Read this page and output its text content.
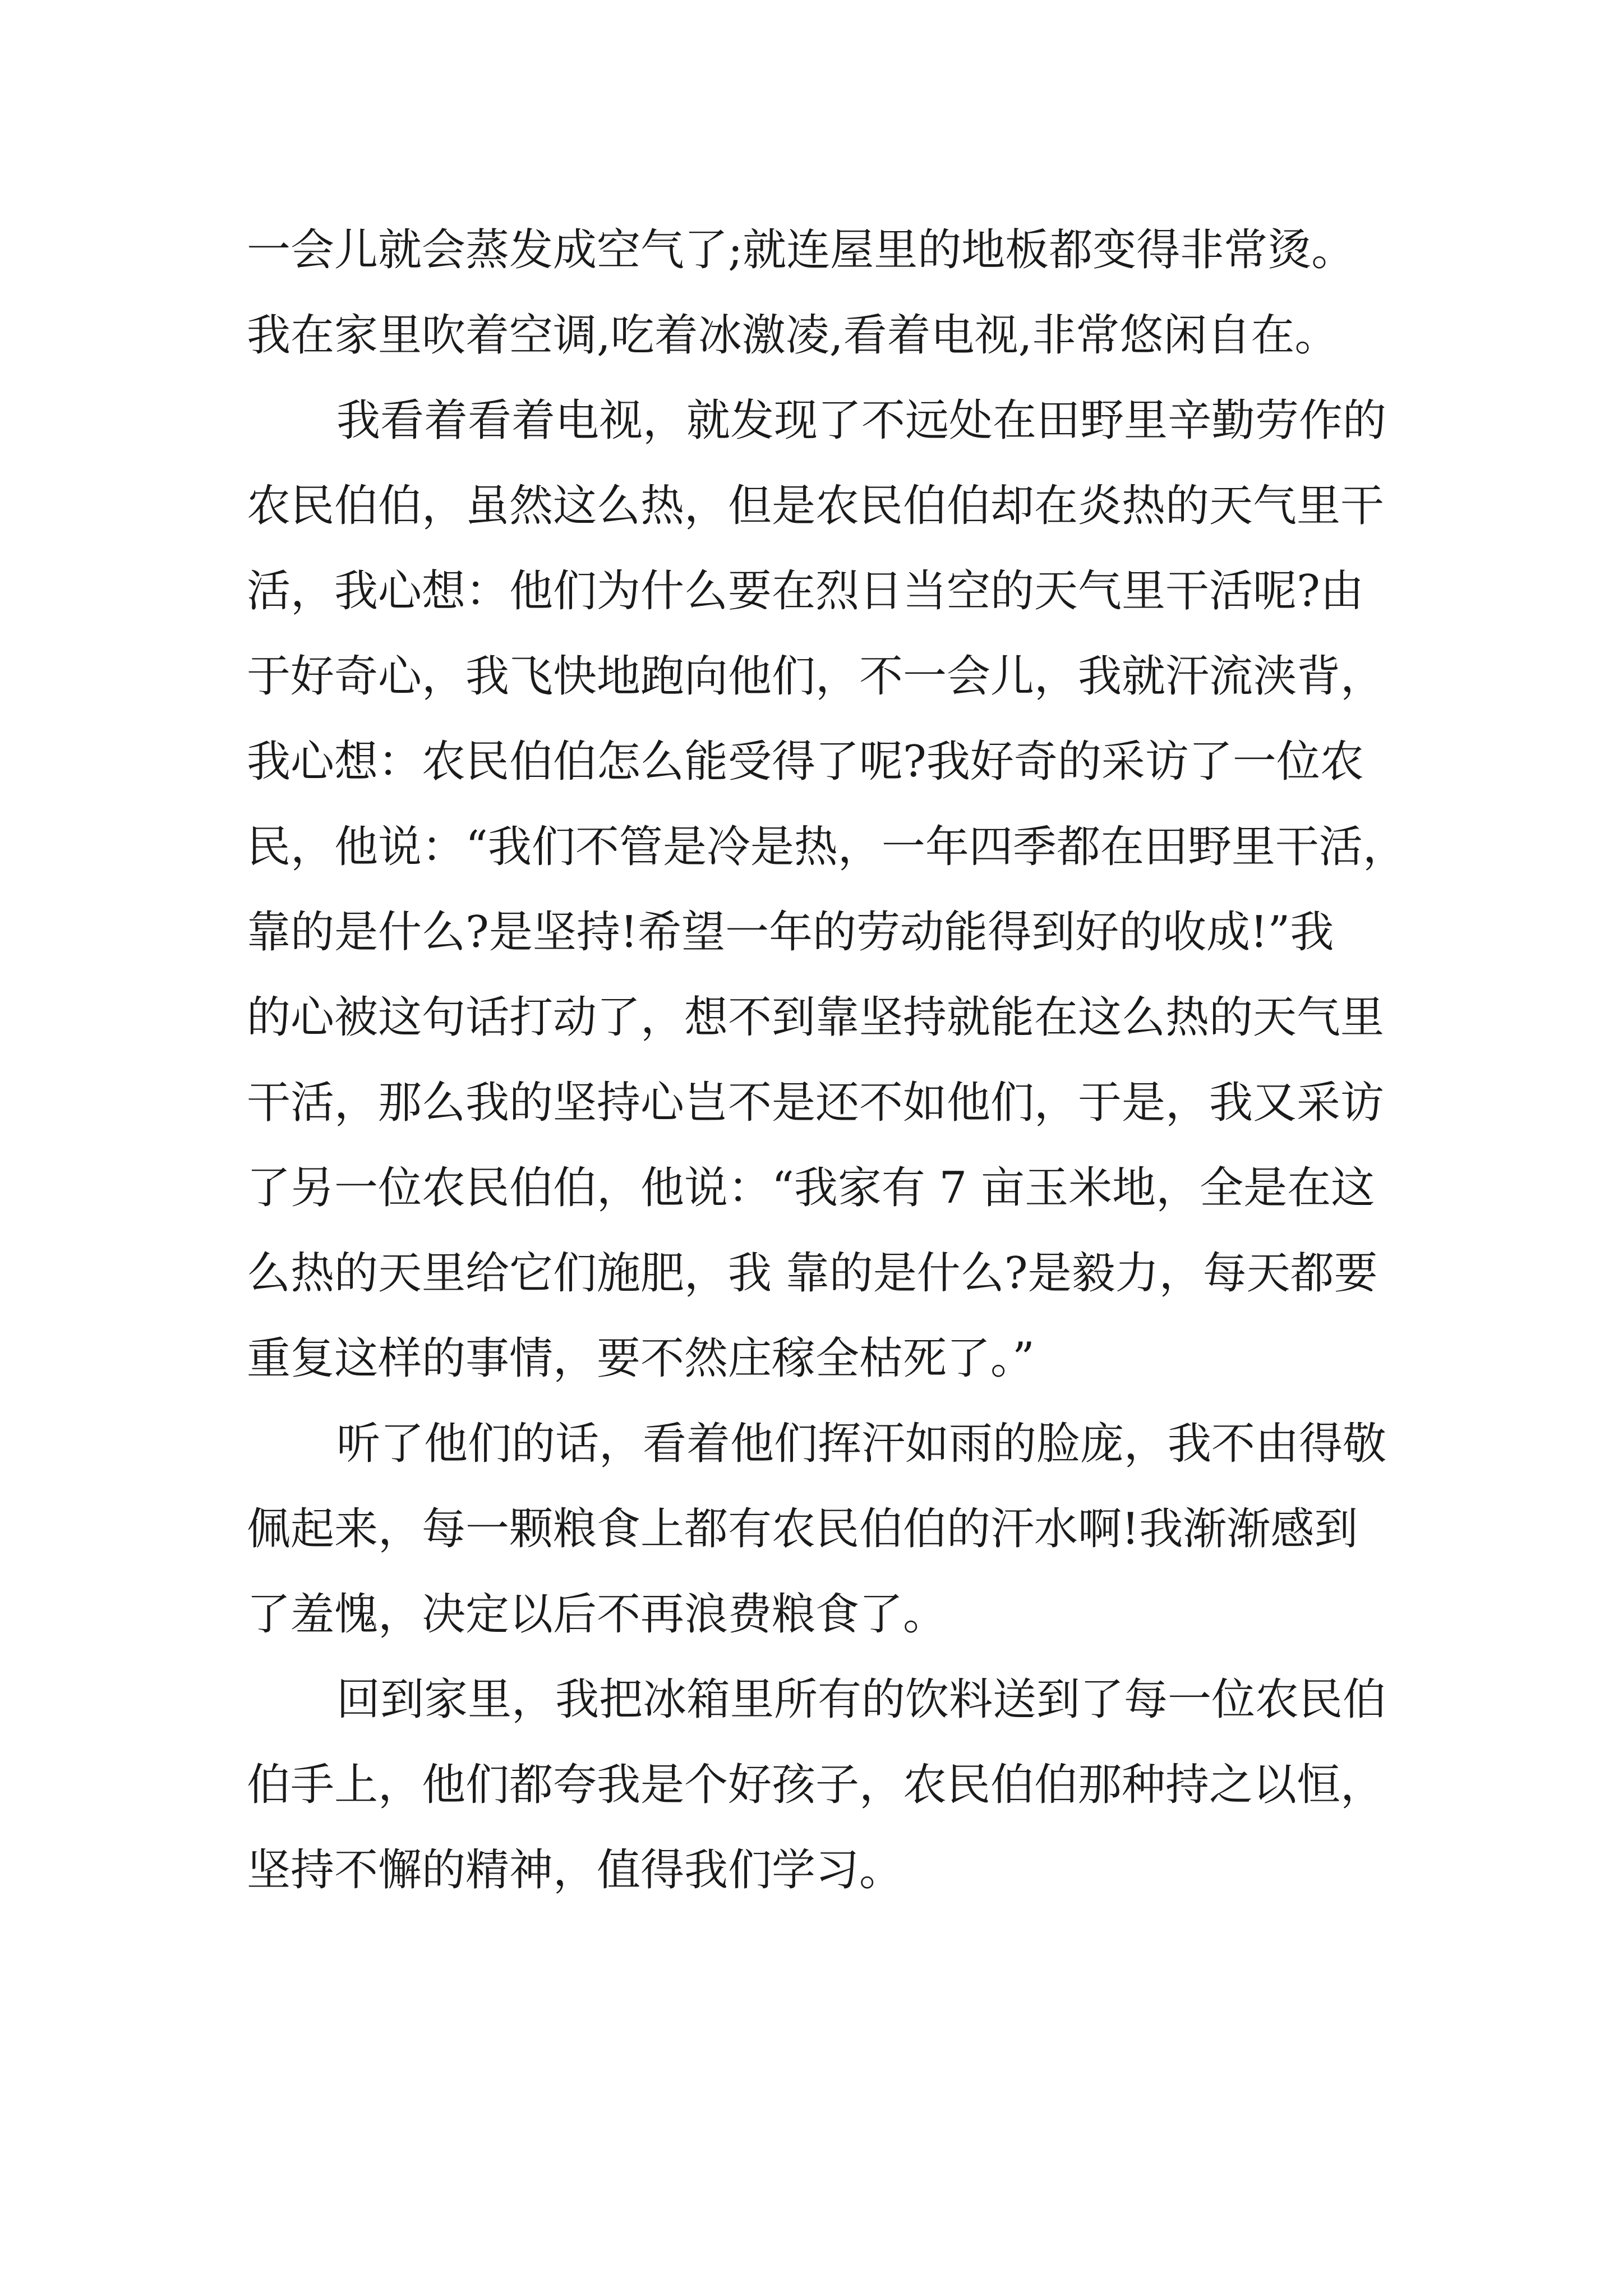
一会儿就会蒸发成空气了;就连屋里的地板都变得非常烫。
我在家里吹着空调,吃着冰激凌,看着电视,非常悠闲自在。
我看着看着电视，就发现了不远处在田野里辛勤劳作的
农民伯伯，虽然这么热，但是农民伯伯却在炎热的天气里干
活，我心想：他们为什么要在烈日当空的天气里干活呢?由
于好奇心，我飞快地跑向他们，不一会儿，我就汗流浃背，
我心想：农民伯伯怎么能受得了呢?我好奇的采访了一位农
民，他说：“我们不管是冷是热，一年四季都在田野里干活，
靠的是什么?是坚持!希望一年的劳动能得到好的收成!”我
的心被这句话打动了，想不到靠坚持就能在这么热的天气里
干活，那么我的坚持心岂不是还不如他们，于是，我又采访
了另一位农民伯伯，他说：“我家有 7 亩玉米地，全是在这
么热的天里给它们施肥，我 靠的是什么?是毅力，每天都要
重复这样的事情，要不然庄稼全枯死了。”
听了他们的话，看着他们挥汗如雨的脸庞，我不由得敬
佩起来，每一颗粮食上都有农民伯伯的汗水啊!我渐渐感到
了羞愧，决定以后不再浪费粮食了。
回到家里，我把冰箱里所有的饮料送到了每一位农民伯
伯手上，他们都夸我是个好孩子，农民伯伯那种持之以恒，
坚持不懈的精神，值得我们学习。
